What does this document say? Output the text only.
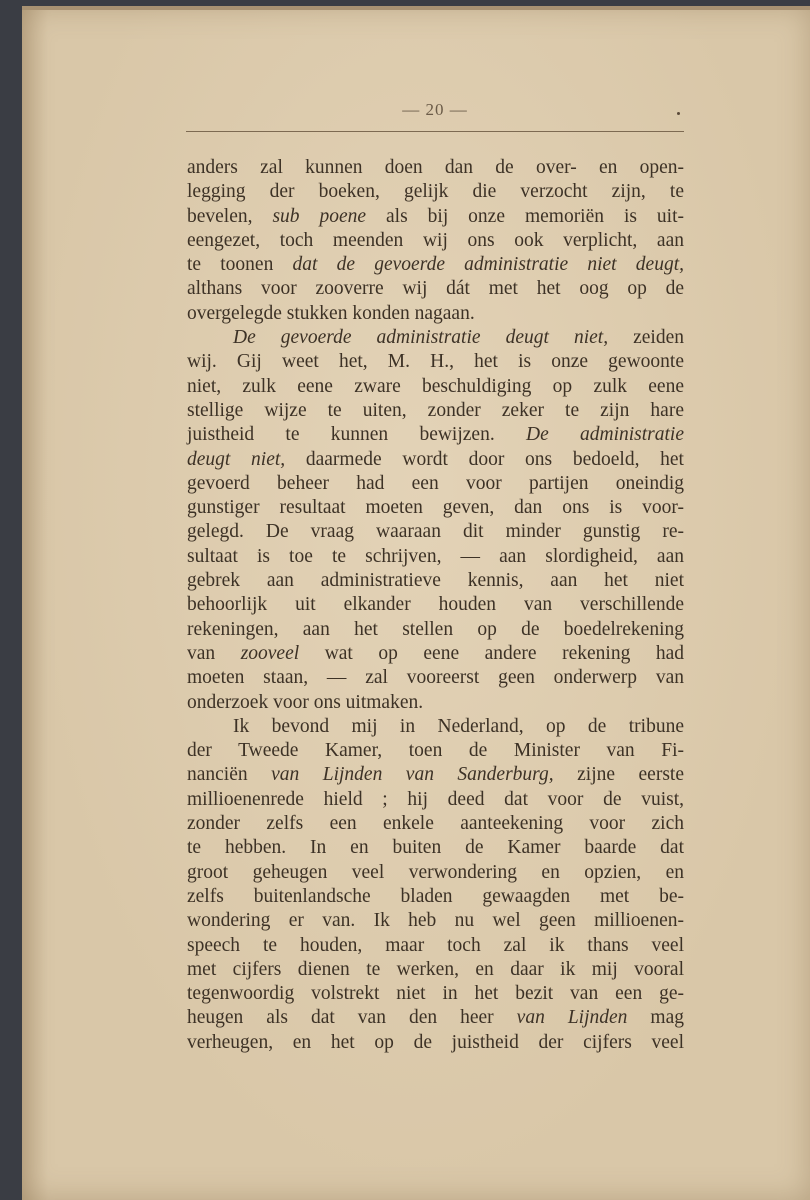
— 20 —
anders zal kunnen doen dan de over- en open-
legging der boeken, gelijk die verzocht zijn, te
bevelen, sub poene als bij onze memoriën is uit-
eengezet, toch meenden wij ons ook verplicht, aan
te toonen dat de gevoerde administratie niet deugt,
althans voor zooverre wij dát met het oog op de
overgelegde stukken konden nagaan.
De gevoerde administratie deugt niet, zeiden
wij. Gij weet het, M. H., het is onze gewoonte
niet, zulk eene zware beschuldiging op zulk eene
stellige wijze te uiten, zonder zeker te zijn hare
juistheid te kunnen bewijzen. De administratie
deugt niet, daarmede wordt door ons bedoeld, het
gevoerd beheer had een voor partijen oneindig
gunstiger resultaat moeten geven, dan ons is voor-
gelegd. De vraag waaraan dit minder gunstig re-
sultaat is toe te schrijven, — aan slordigheid, aan
gebrek aan administratieve kennis, aan het niet
behoorlijk uit elkander houden van verschillende
rekeningen, aan het stellen op de boedelrekening
van zooveel wat op eene andere rekening had
moeten staan, — zal vooreerst geen onderwerp van
onderzoek voor ons uitmaken.
Ik bevond mij in Nederland, op de tribune
der Tweede Kamer, toen de Minister van Fi-
nanciën van Lijnden van Sanderburg, zijne eerste
millioenenrede hield ; hij deed dat voor de vuist,
zonder zelfs een enkele aanteekening voor zich
te hebben. In en buiten de Kamer baarde dat
groot geheugen veel verwondering en opzien, en
zelfs buitenlandsche bladen gewaagden met be-
wondering er van. Ik heb nu wel geen millioenen-
speech te houden, maar toch zal ik thans veel
met cijfers dienen te werken, en daar ik mij vooral
tegenwoordig volstrekt niet in het bezit van een ge-
heugen als dat van den heer van Lijnden mag
verheugen, en het op de juistheid der cijfers veel
